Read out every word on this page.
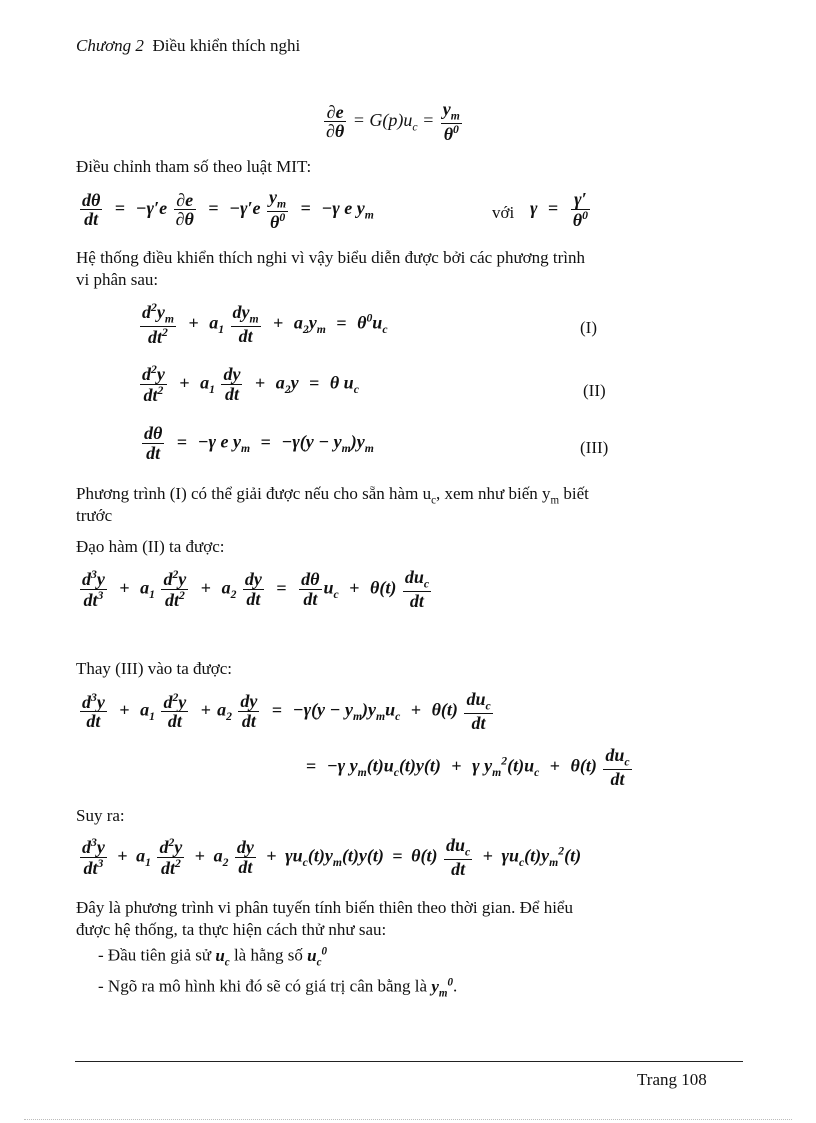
Chương 2 Điều khiển thích nghi
$\frac{\partial e}{\partial\theta} = G(p)u_c = \frac{y_m}{\theta^0}$
Điều chỉnh tham số theo luật MIT:
$\frac{d\theta}{dt} = -\gamma'e \frac{\partial e}{\partial\theta} = -\gamma'e \frac{y_m}{\theta^0} = -\gamma$ e $y_m$	với $\gamma = \frac{\gamma'}{\theta^0}$
Hệ thống điều khiển thích nghi vì vậy biểu diễn được bởi các phương trình
vi phân sau:
$\frac{d^2y_m}{dt^2} + a_1 \frac{dy_m}{dt} + a_2y_m = \theta^0u_c$	(I)
$\frac{d^2y}{dt^2} + a_1 \frac{dy}{dt} + a_2y = \theta$ $u_c$	(II)
$\frac{d\theta}{dt} = -\gamma$ e $y_m = -\gamma(y - y_m)y_m$	(III)
Phương trình (I) có thể giải được nếu cho sẵn hàm $u_c$, xem như biến $y_m$ biết
trước
Đạo hàm (II) ta được:
$\frac{d^3y}{dt^3} + a_1 \frac{d^2y}{dt^2} + a_2 \frac{dy}{dt} = \frac{d\theta}{dt} u_c + \theta(t) \frac{du_c}{dt}$
Thay (III) vào ta được:
$\frac{d^3y}{dt} + a_1 \frac{d^2y}{dt} + a_2 \frac{dy}{dt} = -\gamma(y - y_m)y_mu_c + \theta(t) \frac{du_c}{dt}$
= −γ $y_m(t)u_c(t)y(t) + \gamma$ $y_m^2(t)u_c + \theta(t) \frac{du_c}{dt}$
Suy ra:
$\frac{d^3y}{dt^3} + a_1 \frac{d^2y}{dt^2} + a_2 \frac{dy}{dt} + \gamma u_c(t)y_m(t)y(t) = \theta(t) \frac{du_c}{dt} + \gamma u_c(t)y_m^2(t)$
Đây là phương trình vi phân tuyến tính biến thiên theo thời gian. Để hiểu
được hệ thống, ta thực hiện cách thử như sau:
- Đầu tiên giả sử $u_c$ là hằng số $u_c^0$
- Ngõ ra mô hình khi đó sẽ có giá trị cân bằng là $y_m^0$.
Trang 108
